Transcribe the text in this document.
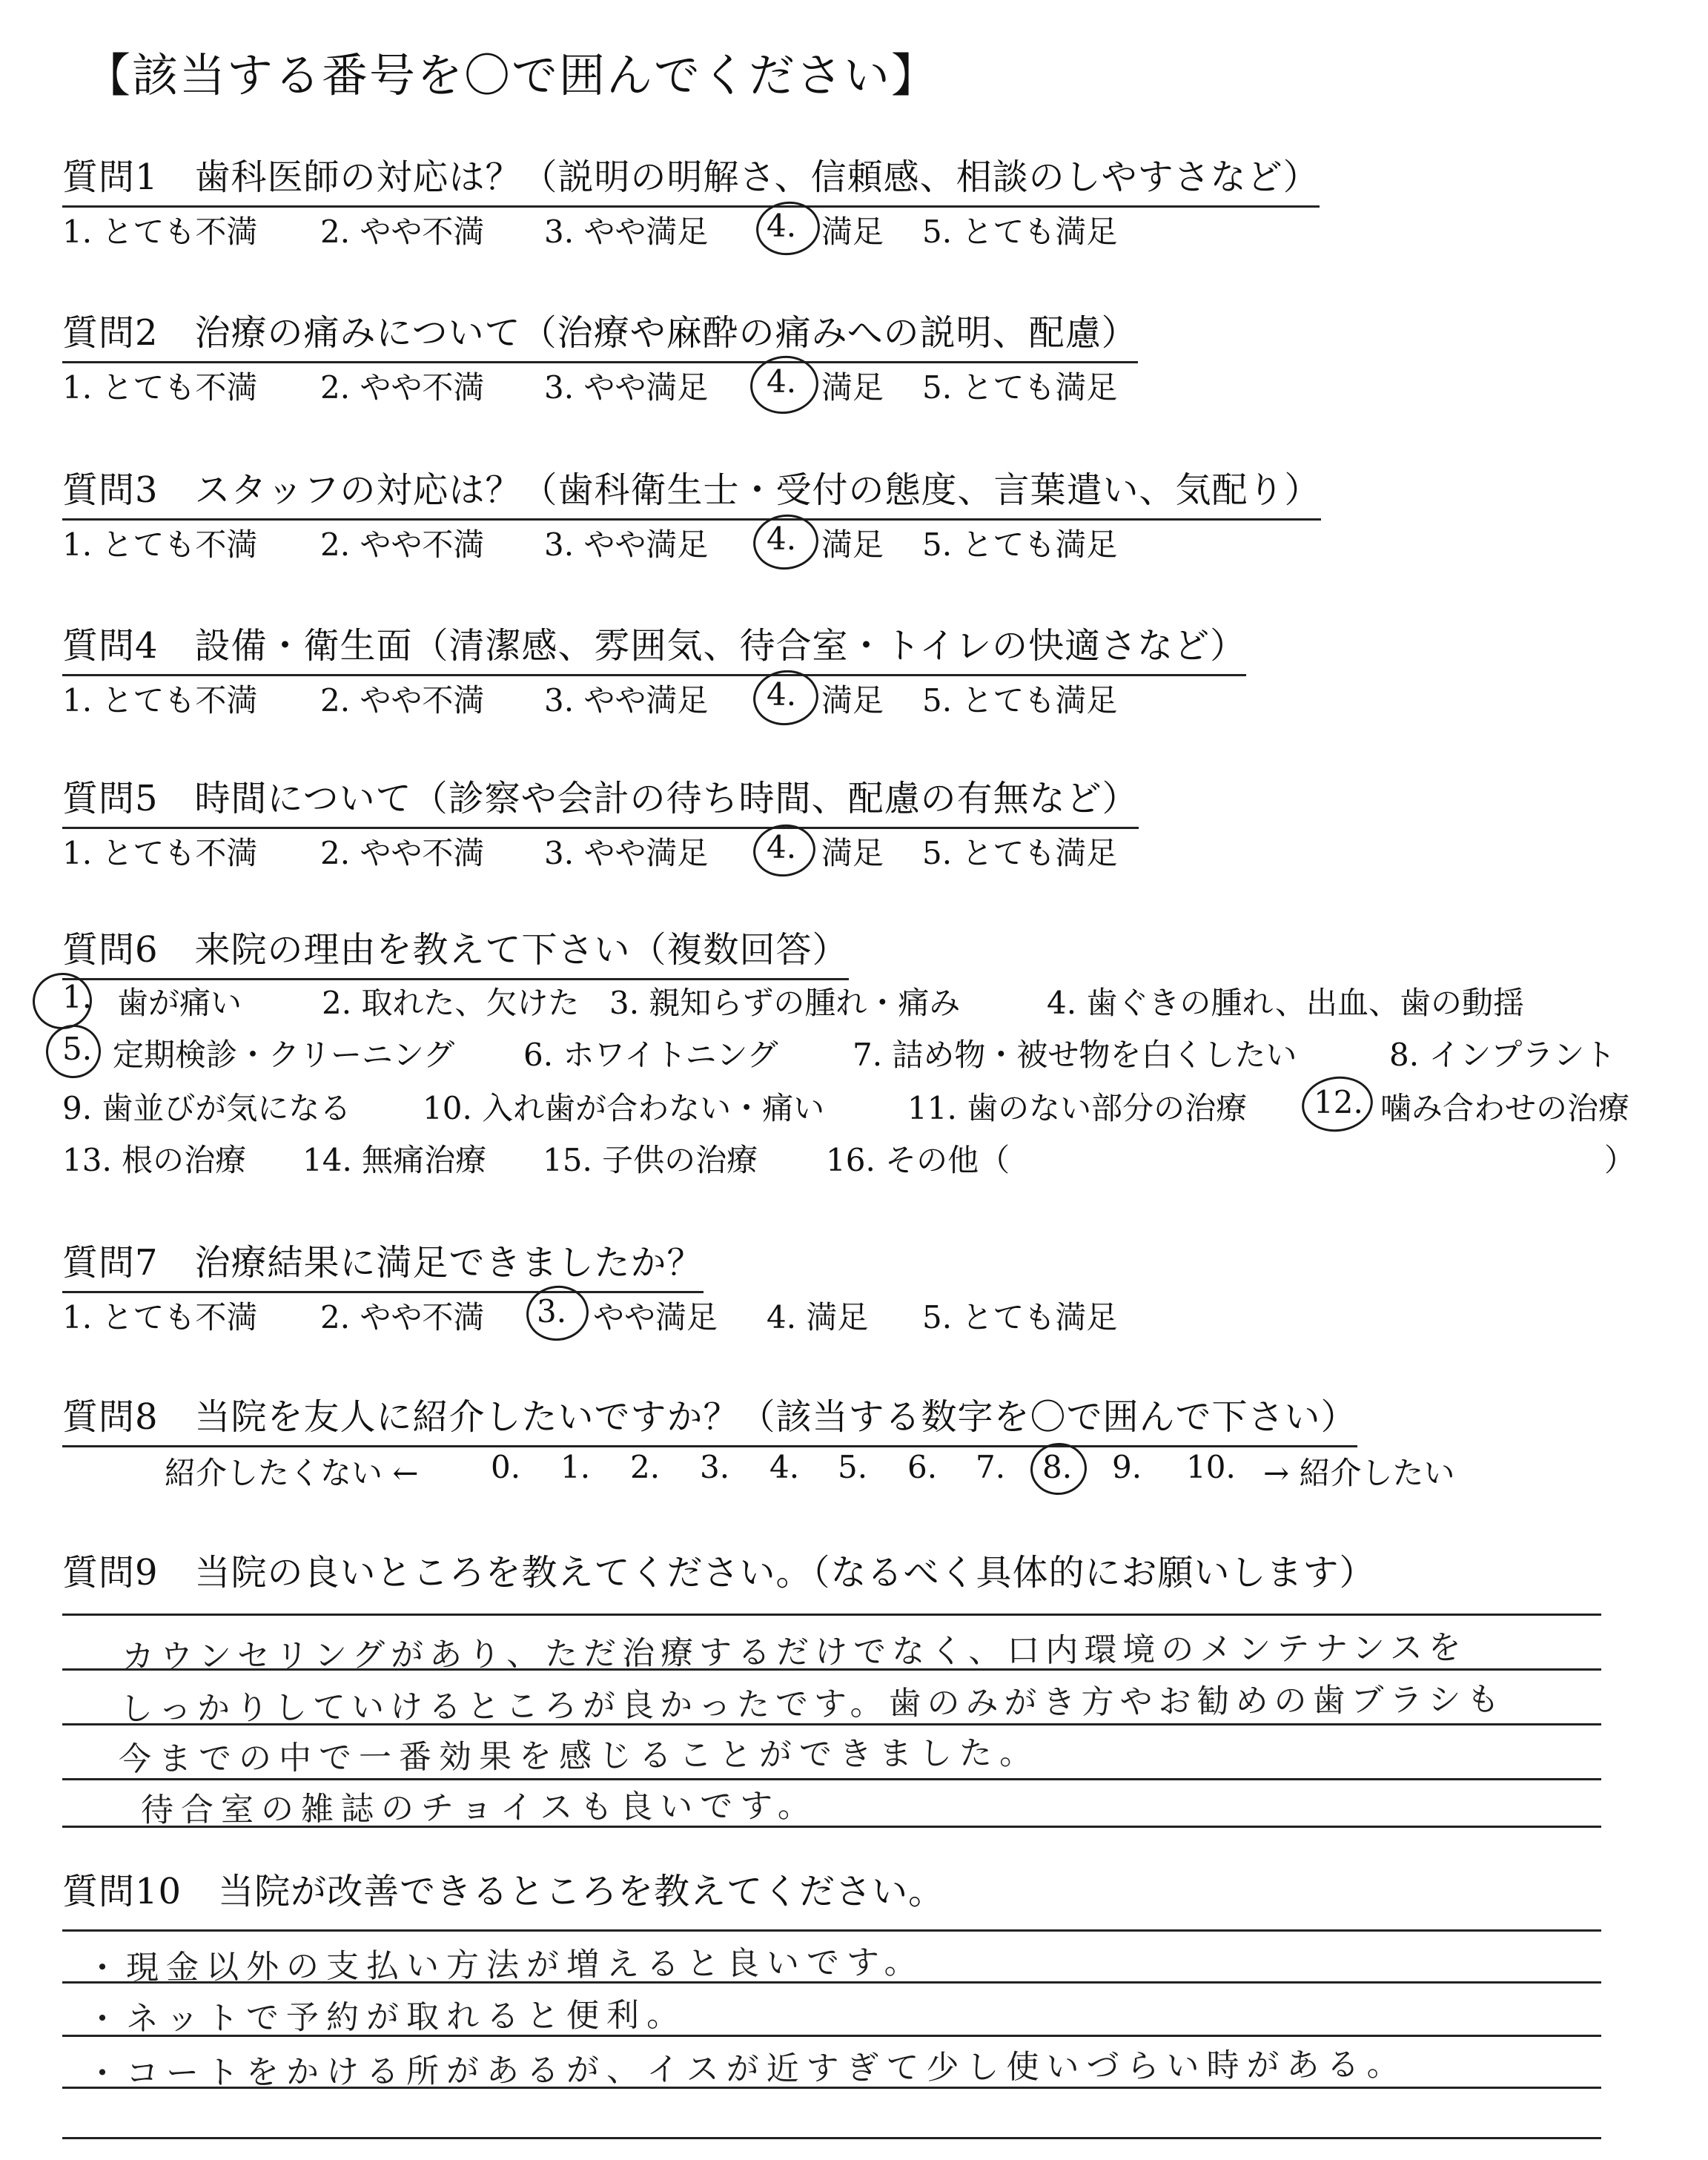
【該当する番号を〇で囲んでください】
質問1　歯科医師の対応は？（説明の明解さ、信頼感、相談のしやすさなど）
1. とても不満 2. やや不満 3. やや満足 4. 満足 5. とても満足
質問2　治療の痛みについて（治療や麻酔の痛みへの説明、配慮）
1. とても不満 2. やや不満 3. やや満足 4. 満足 5. とても満足
質問3　スタッフの対応は？（歯科衛生士・受付の態度、言葉遣い、気配り）
1. とても不満 2. やや不満 3. やや満足 4. 満足 5. とても満足
質問4　設備・衛生面（清潔感、雰囲気、待合室・トイレの快適さなど）
1. とても不満 2. やや不満 3. やや満足 4. 満足 5. とても満足
質問5　時間について（診察や会計の待ち時間、配慮の有無など）
1. とても不満 2. やや不満 3. やや満足 4. 満足 5. とても満足
質問6　来院の理由を教えて下さい（複数回答）
1. 歯が痛い	2. 取れた、欠けた 3. 親知らずの腫れ・痛み	4. 歯ぐきの腫れ、出血、歯の動揺
5. 定期検診・クリーニング 6. ホワイトニング 7. 詰め物・被せ物を白くしたい	8. インプラント
9. 歯並びが気になる 10. 入れ歯が合わない・痛い	11. 歯のない部分の治療 12. 噛み合わせの治療
13. 根の治療 14. 無痛治療 15. 子供の治療 16. その他（	）
質問7　治療結果に満足できましたか？
1. とても不満 2. やや不満 3. やや満足 4. 満足 5. とても満足
質問8　当院を友人に紹介したいですか？（該当する数字を〇で囲んで下さい）
紹介したくない ← 0. 1. 2. 3. 4. 5. 6. 7. 8. 9. 10. → 紹介したい
質問9　当院の良いところを教えてください。（なるべく具体的にお願いします）
カウンセリングがあり、ただ治療するだけでなく、口内環境のメンテナンスを
しっかりしていけるところが良かったです。歯のみがき方やお勧めの歯ブラシも
今までの中で一番効果を感じることができました。
待合室の雑誌のチョイスも良いです。
質問10　当院が改善できるところを教えてください。
・現金以外の支払い方法が増えると良いです。
・ネットで予約が取れると便利。
・コートをかける所があるが、イスが近すぎて少し使いづらい時がある。
